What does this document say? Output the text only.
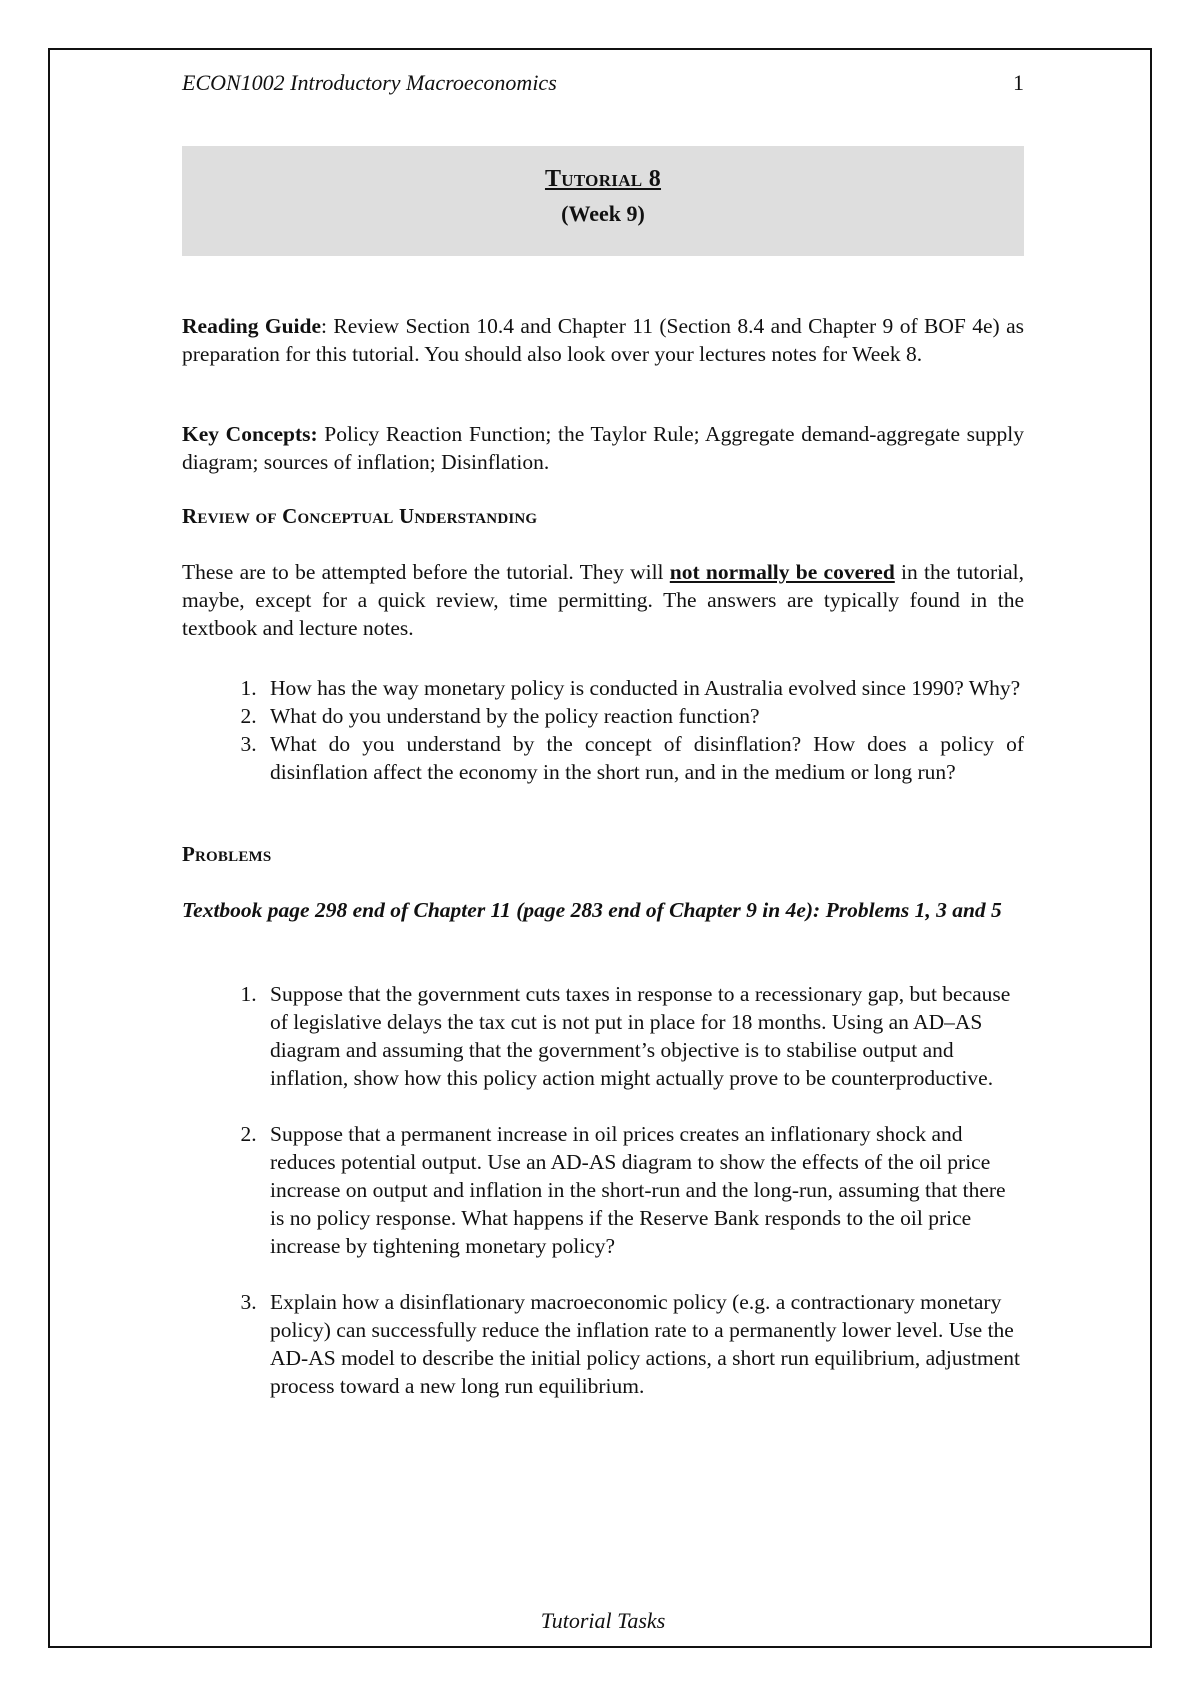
ECON1002 Introductory Macroeconomics	1
Tutorial 8
(Week 9)
Reading Guide: Review Section 10.4 and Chapter 11 (Section 8.4 and Chapter 9 of BOF 4e) as preparation for this tutorial. You should also look over your lectures notes for Week 8.
Key Concepts: Policy Reaction Function; the Taylor Rule; Aggregate demand-aggregate supply diagram; sources of inflation; Disinflation.
Review of Conceptual Understanding
These are to be attempted before the tutorial. They will not normally be covered in the tutorial, maybe, except for a quick review, time permitting. The answers are typically found in the textbook and lecture notes.
1. How has the way monetary policy is conducted in Australia evolved since 1990? Why?
2. What do you understand by the policy reaction function?
3. What do you understand by the concept of disinflation? How does a policy of disinflation affect the economy in the short run, and in the medium or long run?
Problems
Textbook page 298 end of Chapter 11 (page 283 end of Chapter 9 in 4e): Problems 1, 3 and 5
1. Suppose that the government cuts taxes in response to a recessionary gap, but because of legislative delays the tax cut is not put in place for 18 months. Using an AD–AS diagram and assuming that the government’s objective is to stabilise output and inflation, show how this policy action might actually prove to be counterproductive.
2. Suppose that a permanent increase in oil prices creates an inflationary shock and reduces potential output. Use an AD-AS diagram to show the effects of the oil price increase on output and inflation in the short-run and the long-run, assuming that there is no policy response. What happens if the Reserve Bank responds to the oil price increase by tightening monetary policy?
3. Explain how a disinflationary macroeconomic policy (e.g. a contractionary monetary policy) can successfully reduce the inflation rate to a permanently lower level. Use the AD-AS model to describe the initial policy actions, a short run equilibrium, adjustment process toward a new long run equilibrium.
Tutorial Tasks
